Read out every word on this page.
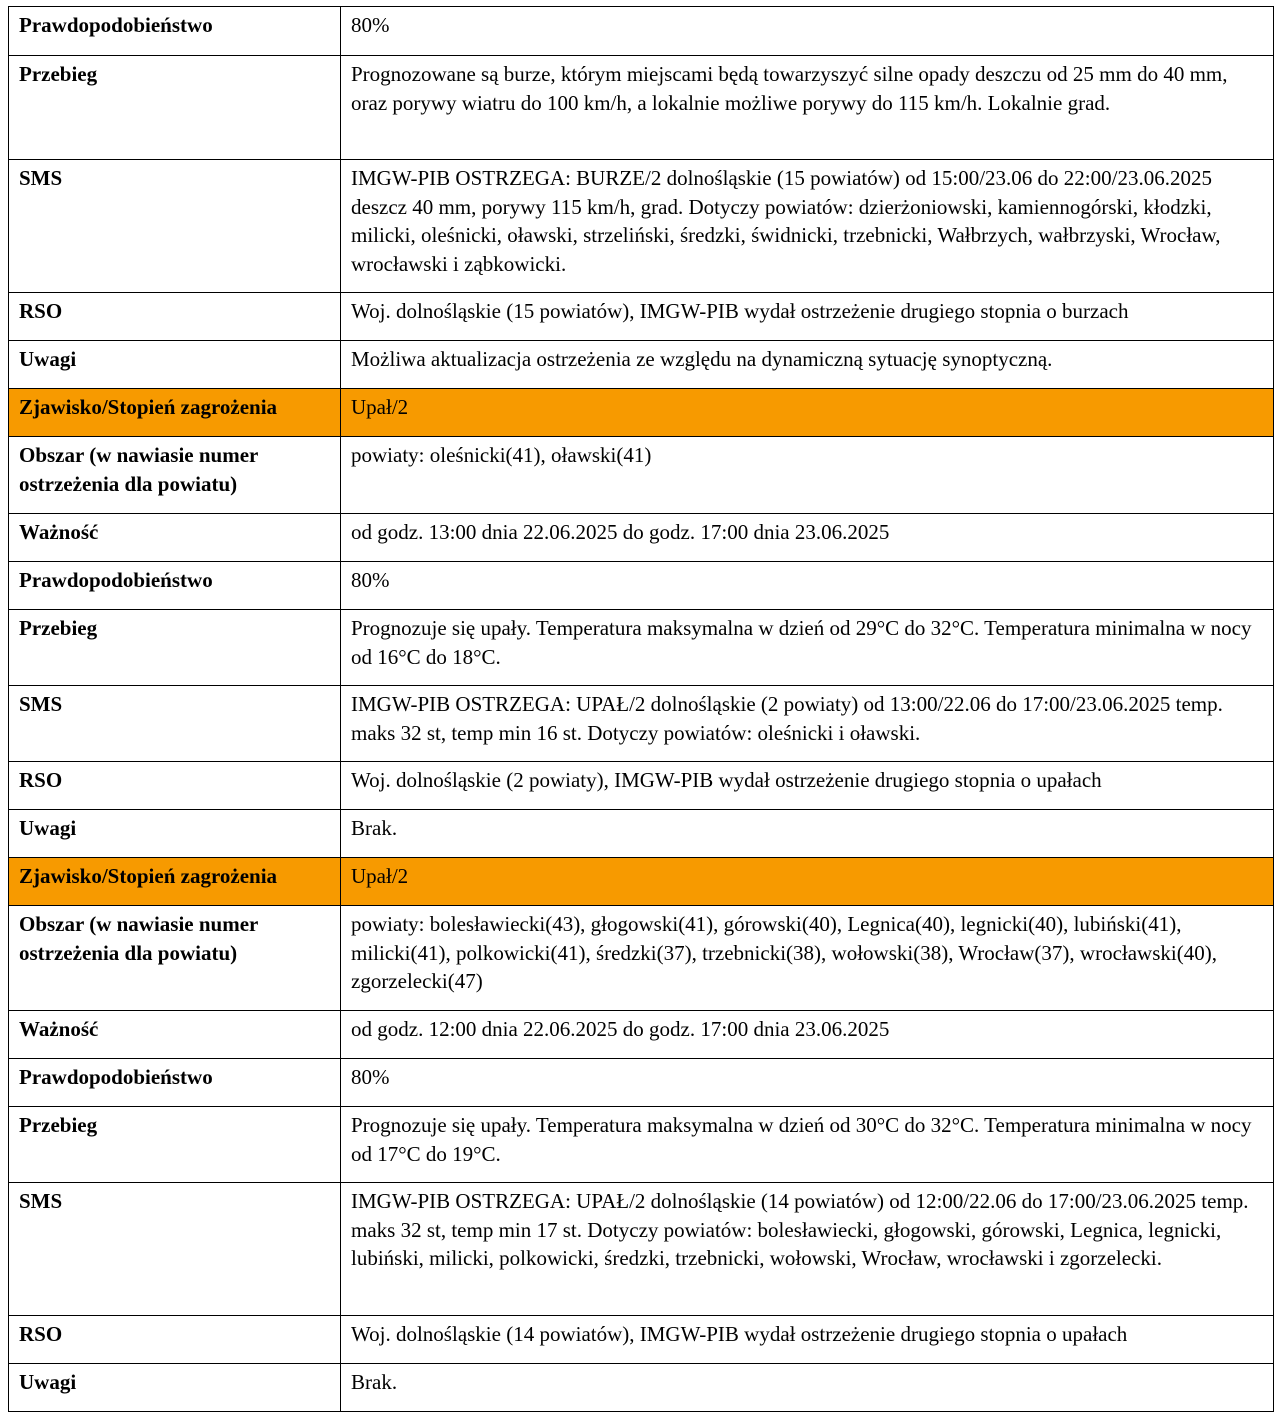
Prawdopodobieństwo	80%
Przebieg	Prognozowane są burze, którym miejscami będą towarzyszyć silne opady deszczu od 25 mm do 40 mm, oraz porywy wiatru do 100 km/h, a lokalnie możliwe porywy do 115 km/h. Lokalnie grad.
SMS	IMGW-PIB OSTRZEGA: BURZE/2 dolnośląskie (15 powiatów) od 15:00/23.06 do 22:00/23.06.2025 deszcz 40 mm, porywy 115 km/h, grad. Dotyczy powiatów: dzierżoniowski, kamiennogórski, kłodzki, milicki, oleśnicki, oławski, strzeliński, średzki, świdnicki, trzebnicki, Wałbrzych, wałbrzyski, Wrocław, wrocławski i ząbkowicki.
RSO	Woj. dolnośląskie (15 powiatów), IMGW-PIB wydał ostrzeżenie drugiego stopnia o burzach
Uwagi	Możliwa aktualizacja ostrzeżenia ze względu na dynamiczną sytuację synoptyczną.
Zjawisko/Stopień zagrożenia	Upał/2
Obszar (w nawiasie numer ostrzeżenia dla powiatu)	powiaty: oleśnicki(41), oławski(41)
Ważność	od godz. 13:00 dnia 22.06.2025 do godz. 17:00 dnia 23.06.2025
Prawdopodobieństwo	80%
Przebieg	Prognozuje się upały. Temperatura maksymalna w dzień od 29°C do 32°C. Temperatura minimalna w nocy od 16°C do 18°C.
SMS	IMGW-PIB OSTRZEGA: UPAŁ/2 dolnośląskie (2 powiaty) od 13:00/22.06 do 17:00/23.06.2025 temp. maks 32 st, temp min 16 st. Dotyczy powiatów: oleśnicki i oławski.
RSO	Woj. dolnośląskie (2 powiaty), IMGW-PIB wydał ostrzeżenie drugiego stopnia o upałach
Uwagi	Brak.
Zjawisko/Stopień zagrożenia	Upał/2
Obszar (w nawiasie numer ostrzeżenia dla powiatu)	powiaty: bolesławiecki(43), głogowski(41), górowski(40), Legnica(40), legnicki(40), lubiński(41), milicki(41), polkowicki(41), średzki(37), trzebnicki(38), wołowski(38), Wrocław(37), wrocławski(40), zgorzelecki(47)
Ważność	od godz. 12:00 dnia 22.06.2025 do godz. 17:00 dnia 23.06.2025
Prawdopodobieństwo	80%
Przebieg	Prognozuje się upały. Temperatura maksymalna w dzień od 30°C do 32°C. Temperatura minimalna w nocy od 17°C do 19°C.
SMS	IMGW-PIB OSTRZEGA: UPAŁ/2 dolnośląskie (14 powiatów) od 12:00/22.06 do 17:00/23.06.2025 temp. maks 32 st, temp min 17 st. Dotyczy powiatów: bolesławiecki, głogowski, górowski, Legnica, legnicki, lubiński, milicki, polkowicki, średzki, trzebnicki, wołowski, Wrocław, wrocławski i zgorzelecki.
RSO	Woj. dolnośląskie (14 powiatów), IMGW-PIB wydał ostrzeżenie drugiego stopnia o upałach
Uwagi	Brak.
